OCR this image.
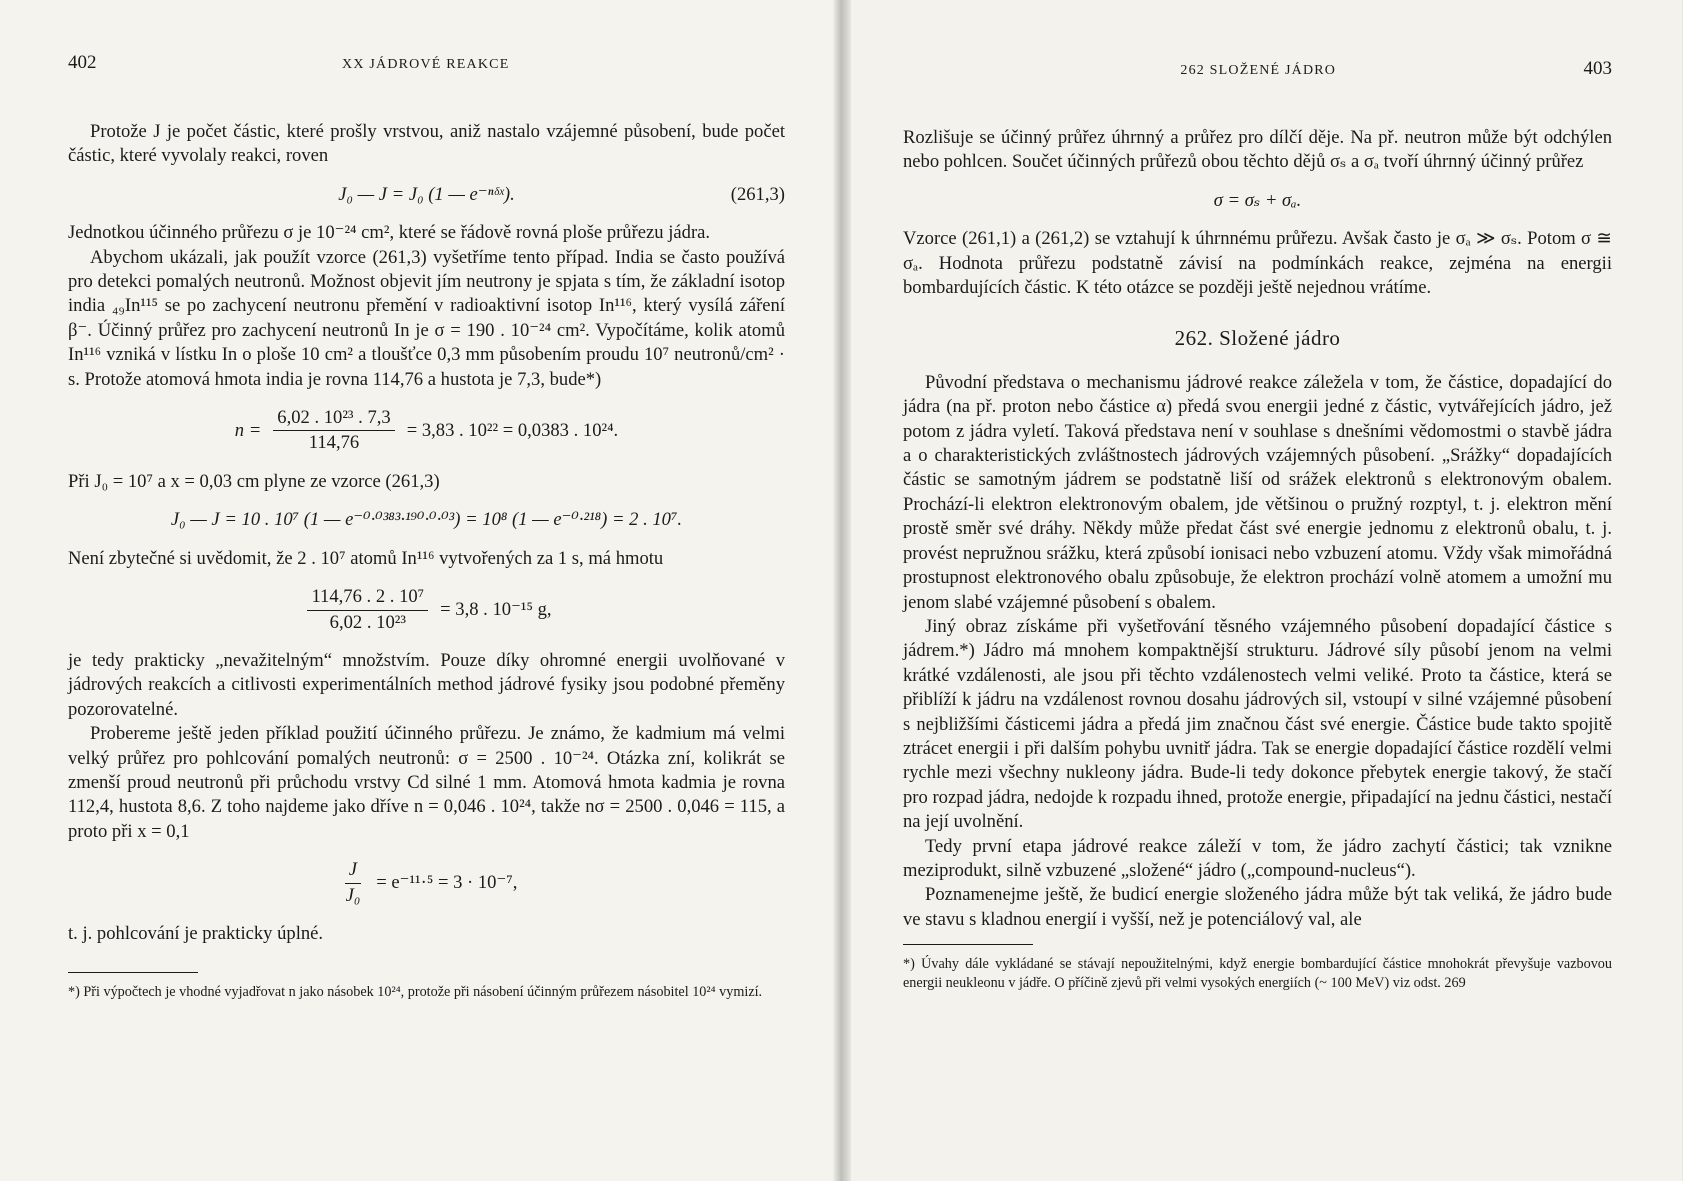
402	XX JÁDROVÉ REAKCE

Protože J je počet částic, které prošly vrstvou, aniž nastalo vzájemné působení, bude počet částic, které vyvolaly reakci, roven

J₀ — J = J₀ (1 — e⁻ⁿᵟˣ).	(261,3)

Jednotkou účinného průřezu σ je 10⁻²⁴ cm², které se řádově rovná ploše průřezu jádra.

Abychom ukázali, jak použít vzorce (261,3) vyšetříme tento případ. India se často používá pro detekci pomalých neutronů. Možnost objevit jím neutrony je spjata s tím, že základní isotop india ₄₉In¹¹⁵ se po zachycení neutronu přemění v radioaktivní isotop In¹¹⁶, který vysílá záření β⁻. Účinný průřez pro zachycení neutronů In je σ = 190 . 10⁻²⁴ cm². Vypočítáme, kolik atomů In¹¹⁶ vzniká v lístku In o ploše 10 cm² a tloušťce 0,3 mm působením proudu 10⁷ neutronů/cm² · s. Protože atomová hmota india je rovna 114,76 a hustota je 7,3, bude*)

$n = \frac{\text{6,02 . 10²³ . 7,3}}{114,76} = 3,83$ . 10²² = 0,0383 . 10²⁴.

Při J₀ = 10⁷ a x = 0,03 cm plyne ze vzorce (261,3)

J₀ — J = 10 . 10⁷ (1 — e⁻⁰·⁰³⁸³·¹⁹⁰·⁰·⁰³) = 10⁸ (1 — e⁻⁰·²¹⁸) = 2 . 10⁷.

Není zbytečné si uvědomit, že 2 . 10⁷ atomů In¹¹⁶ vytvořených za 1 s, má hmotu

$\frac{\text{114,76 . 2 . 10⁷}}{\text{6,02 . 10²³}} = 3,8$ . 10⁻¹⁵ g,

je tedy prakticky „nevažitelným“ množstvím. Pouze díky ohromné energii uvolňované v jádrových reakcích a citlivosti experimentálních method jádrové fysiky jsou podobné přeměny pozorovatelné.

Probereme ještě jeden příklad použití účinného průřezu. Je známo, že kadmium má velmi velký průřez pro pohlcování pomalých neutronů: σ = 2500 . 10⁻²⁴. Otázka zní, kolikrát se zmenší proud neutronů při průchodu vrstvy Cd silné 1 mm. Atomová hmota kadmia je rovna 112,4, hustota 8,6. Z toho najdeme jako dříve n = 0,046 . 10²⁴, takže nσ = 2500 . 0,046 = 115, a proto při x = 0,1

$\frac{J}{\text{J₀}} = e^{-11}\cdot^5 = 3 \cdot 10^{-7}$,

t. j. pohlcování je prakticky úplné.

*) Při výpočtech je vhodné vyjadřovat n jako násobek 10²⁴, protože při násobení účinným průřezem násobitel 10²⁴ vymizí.
262 SLOŽENÉ JÁDRO	403

Rozlišuje se účinný průřez úhrnný a průřez pro dílčí děje. Na př. neutron může být odchýlen nebo pohlcen. Součet účinných průřezů obou těchto dějů σₛ a σₐ tvoří úhrnný účinný průřez

σ = σₛ + σₐ.

Vzorce (261,1) a (261,2) se vztahují k úhrnnému průřezu. Avšak často je σₐ ≫ σₛ. Potom σ ≅ σₐ. Hodnota průřezu podstatně závisí na podmínkách reakce, zejména na energii bombardujících částic. K této otázce se později ještě nejednou vrátíme.

262. Složené jádro

Původní představa o mechanismu jádrové reakce záležela v tom, že částice, dopadající do jádra (na př. proton nebo částice α) předá svou energii jedné z částic, vytvářejících jádro, jež potom z jádra vyletí. Taková představa není v souhlase s dnešními vědomostmi o stavbě jádra a o charakteristických zvláštnostech jádrových vzájemných působení. „Srážky“ dopadajících částic se samotným jádrem se podstatně liší od srážek elektronů s elektronovým obalem. Prochází-li elektron elektronovým obalem, jde většinou o pružný rozptyl, t. j. elektron mění prostě směr své dráhy. Někdy může předat část své energie jednomu z elektronů obalu, t. j. provést nepružnou srážku, která způsobí ionisaci nebo vzbuzení atomu. Vždy však mimořádná prostupnost elektronového obalu způsobuje, že elektron prochází volně atomem a umožní mu jenom slabé vzájemné působení s obalem.

Jiný obraz získáme při vyšetřování těsného vzájemného působení dopadající částice s jádrem.*) Jádro má mnohem kompaktnější strukturu. Jádrové síly působí jenom na velmi krátké vzdálenosti, ale jsou při těchto vzdálenostech velmi veliké. Proto ta částice, která se přiblíží k jádru na vzdálenost rovnou dosahu jádrových sil, vstoupí v silné vzájemné působení s nejbližšími částicemi jádra a předá jim značnou část své energie. Částice bude takto spojitě ztrácet energii i při dalším pohybu uvnitř jádra. Tak se energie dopadající částice rozdělí velmi rychle mezi všechny nukleony jádra. Bude-li tedy dokonce přebytek energie takový, že stačí pro rozpad jádra, nedojde k rozpadu ihned, protože energie, připadající na jednu částici, nestačí na její uvolnění.

Tedy první etapa jádrové reakce záleží v tom, že jádro zachytí částici; tak vznikne meziprodukt, silně vzbuzené „složené“ jádro („compound-nucleus“).

Poznamenejme ještě, že budicí energie složeného jádra může být tak veliká, že jádro bude ve stavu s kladnou energií i vyšší, než je potenciálový val, ale

*) Úvahy dále vykládané se stávají nepoužitelnými, když energie bombardující částice mnohokrát převyšuje vazbovou energii neukleonu v jádře. O příčině zjevů při velmi vysokých energiích (~ 100 MeV) viz odst. 269
